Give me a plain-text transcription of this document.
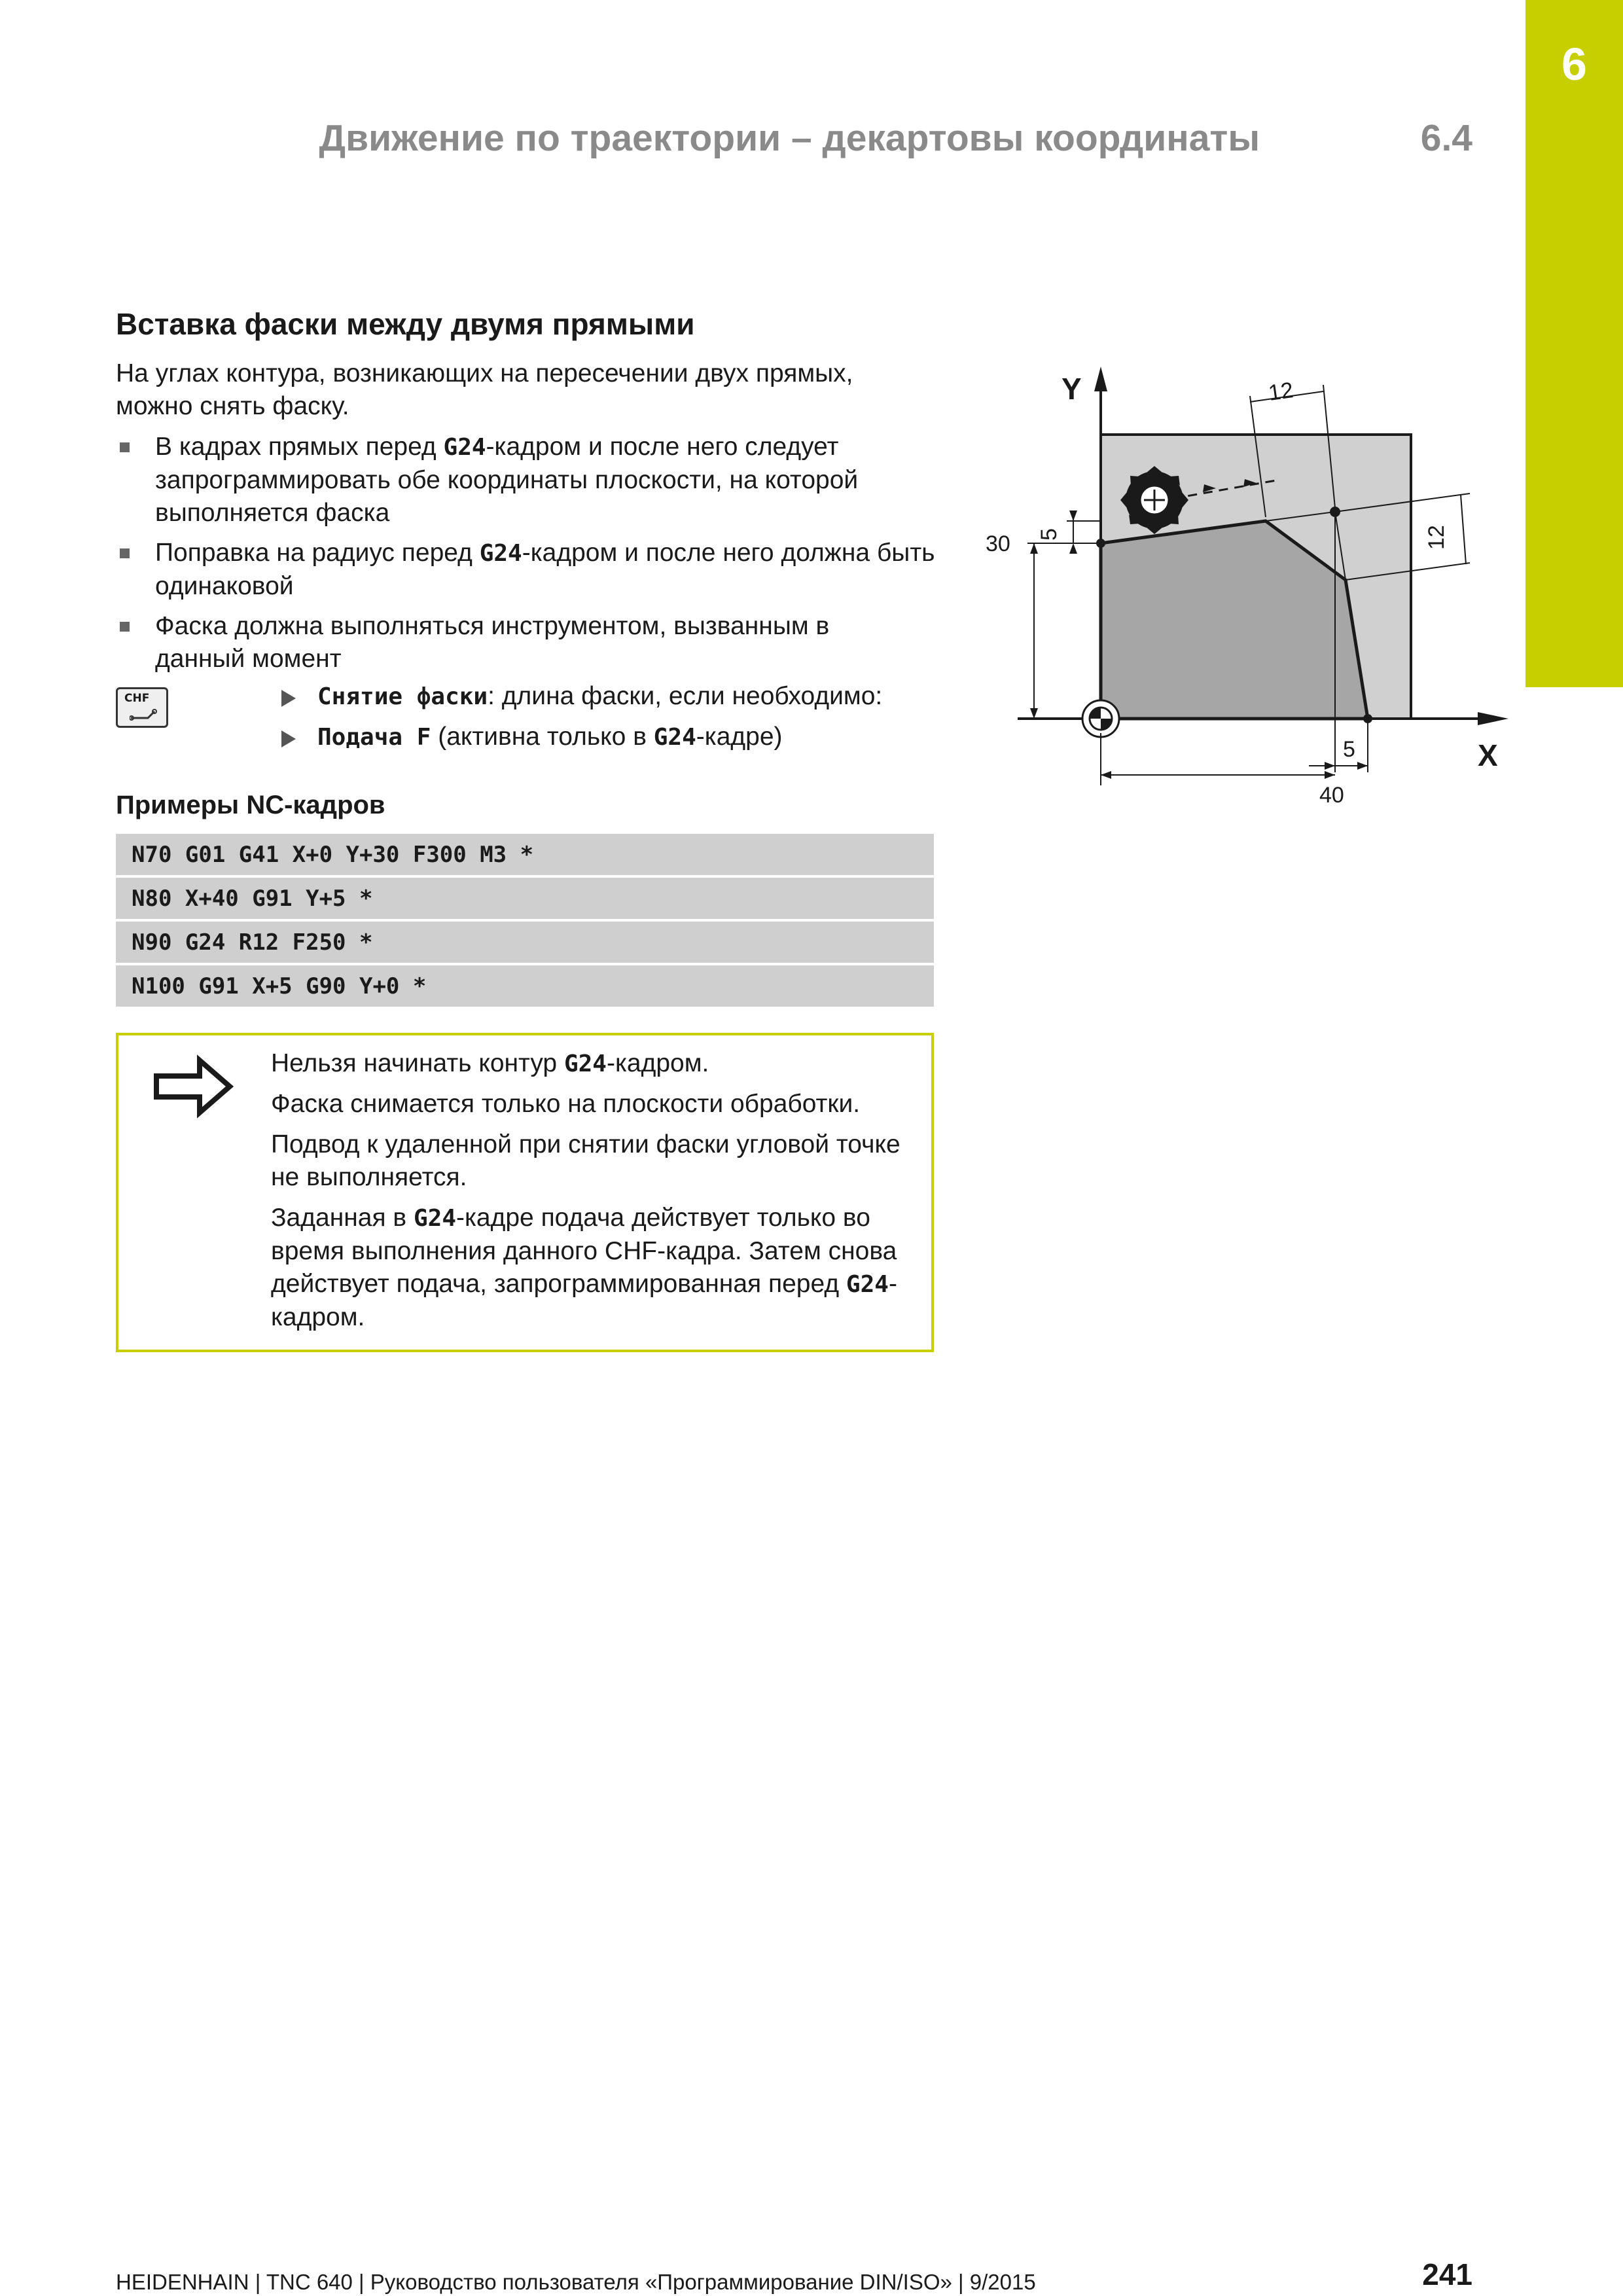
6
Движение по траектории – декартовы координаты	6.4
Вставка фаски между двумя прямыми
На углах контура, возникающих на пересечении двух прямых, можно снять фаску.
В кадрах прямых перед G24-кадром и после него следует запрограммировать обе координаты плоскости, на которой выполняется фаска
Поправка на радиус перед G24-кадром и после него должна быть одинаковой
Фаска должна выполняться инструментом, вызванным в данный момент
CHF	Снятие фаски: длина фаски, если необходимо:
Подача F (активна только в G24-кадре)
Примеры NC-кадров
N70 G01 G41 X+0 Y+30 F300 M3 *
N80 X+40 G91 Y+5 *
N90 G24 R12 F250 *
N100 G91 X+5 G90 Y+0 *
Нельзя начинать контур G24-кадром.
Фаска снимается только на плоскости обработки.
Подвод к удаленной при снятии фаски угловой точке не выполняется.
Заданная в G24-кадре подача действует только во время выполнения данного CHF-кадра. Затем снова действует подача, запрограммированная перед G24-кадром.
Y
X
12
12
5
30
5
40
HEIDENHAIN | TNC 640 | Руководство пользователя «Программирование DIN/ISO» | 9/2015	241
